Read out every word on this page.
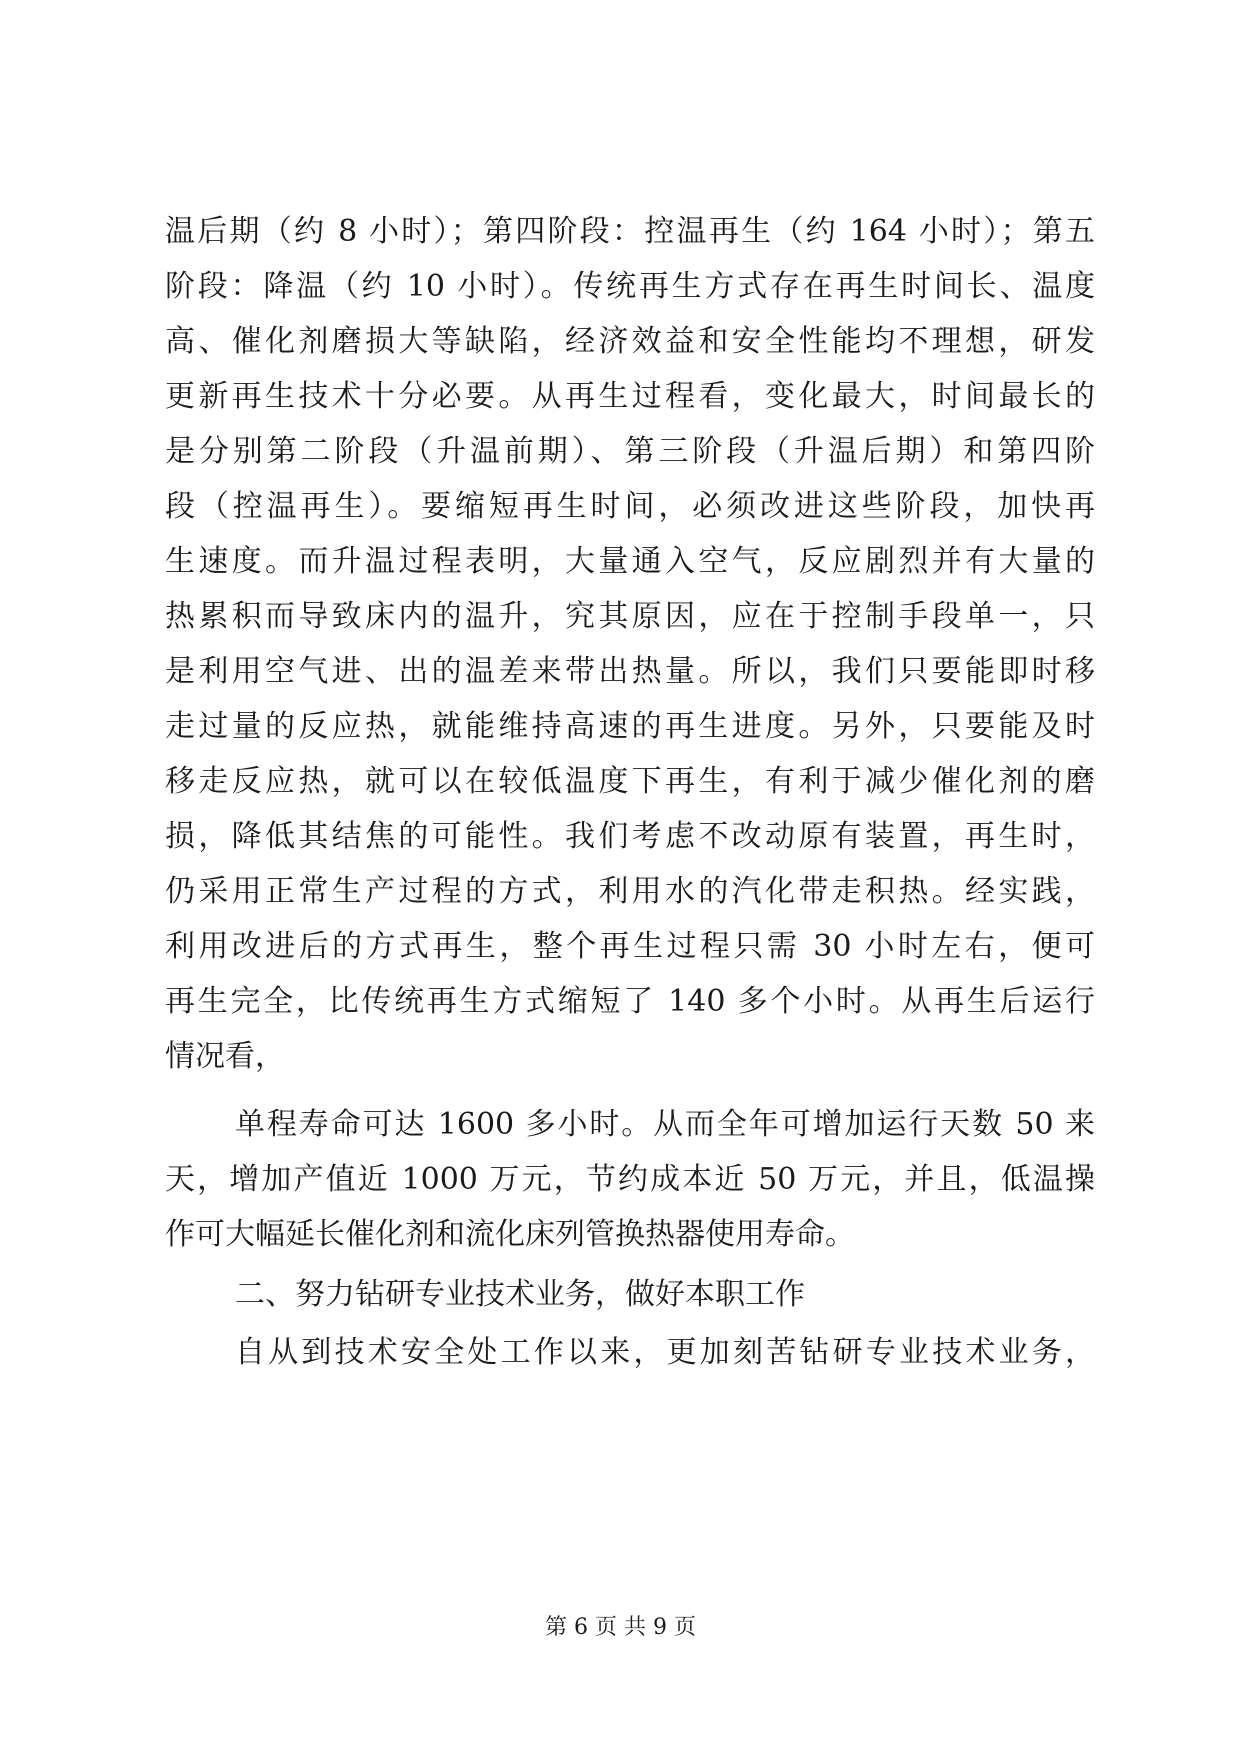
温后期（约 8 小时）；第四阶段：控温再生（约 164 小时）；第五
阶段：降温（约 10 小时）。传统再生方式存在再生时间长、温度
高、催化剂磨损大等缺陷，经济效益和安全性能均不理想，研发
更新再生技术十分必要。从再生过程看，变化最大，时间最长的
是分别第二阶段（升温前期）、第三阶段（升温后期）和第四阶
段（控温再生）。要缩短再生时间，必须改进这些阶段，加快再
生速度。而升温过程表明，大量通入空气，反应剧烈并有大量的
热累积而导致床内的温升，究其原因，应在于控制手段单一，只
是利用空气进、出的温差来带出热量。所以，我们只要能即时移
走过量的反应热，就能维持高速的再生进度。另外，只要能及时
移走反应热，就可以在较低温度下再生，有利于减少催化剂的磨
损，降低其结焦的可能性。我们考虑不改动原有装置，再生时，
仍采用正常生产过程的方式，利用水的汽化带走积热。经实践，
利用改进后的方式再生，整个再生过程只需 30 小时左右，便可
再生完全，比传统再生方式缩短了 140 多个小时。从再生后运行
情况看，
单程寿命可达 1600 多小时。从而全年可增加运行天数 50 来
天，增加产值近 1000 万元，节约成本近 50 万元，并且，低温操
作可大幅延长催化剂和流化床列管换热器使用寿命。
二、努力钻研专业技术业务，做好本职工作
自从到技术安全处工作以来，更加刻苦钻研专业技术业务，
第 6 页 共 9 页
